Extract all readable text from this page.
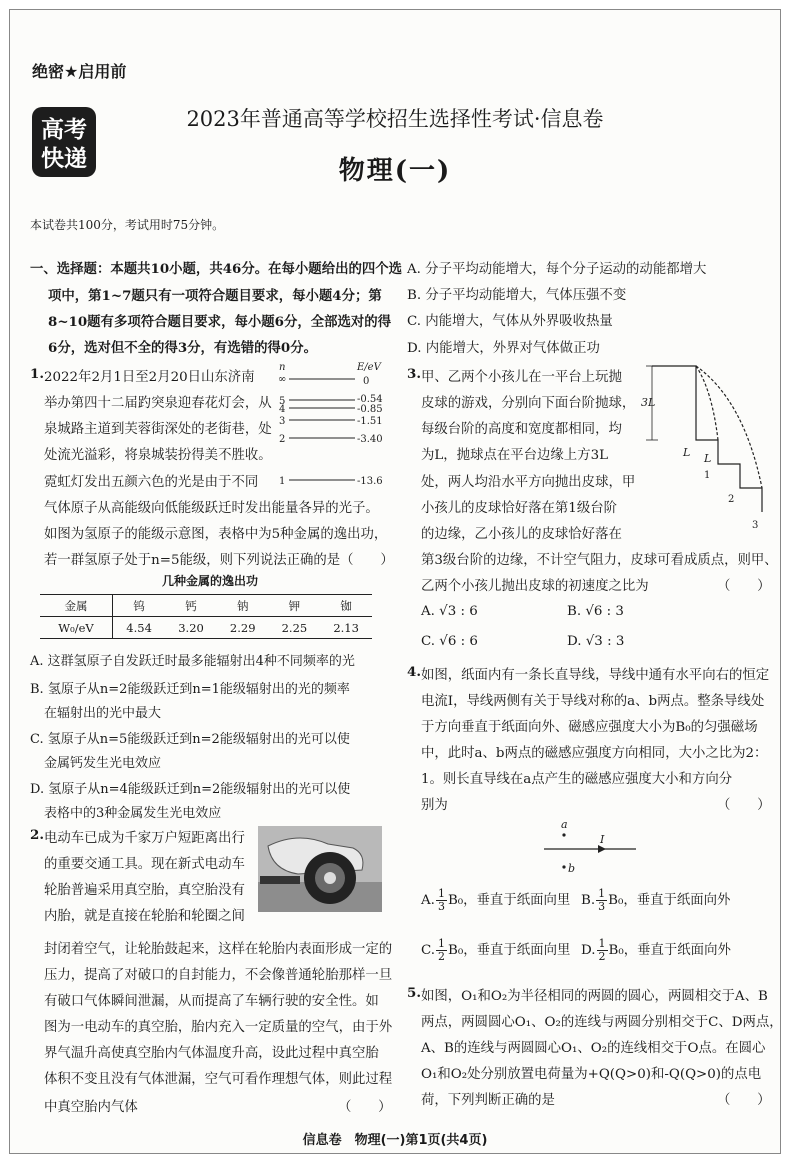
绝密★启用前
高考
快递
2023年普通高等学校招生选择性考试·信息卷
物理(一)
本试卷共100分，考试用时75分钟。
一、选择题：本题共10小题，共46分。在每小题给出的四个选
项中，第1~7题只有一项符合题目要求，每小题4分；第
8~10题有多项符合题目要求，每小题6分，全部选对的得
6分，选对但不全的得3分，有选错的得0分。
1. 2022年2月1日至2月20日山东济南
举办第四十二届趵突泉迎春花灯会，从
泉城路主道到芙蓉街深处的老街巷，处
处流光溢彩，将泉城装扮得美不胜收。
霓虹灯发出五颜六色的光是由于不同
气体原子从高能级向低能级跃迁时发出能量各异的光子。
如图为氢原子的能级示意图，表格中为5种金属的逸出功，
若一群氢原子处于n=5能级，则下列说法正确的是（　　）
n	E/eV
∞	0
5	-0.54
4	-0.85
3	-1.51
2	-3.40
1	-13.6
几种金属的逸出功
金属	钨	钙	钠	钾	铷
W₀/eV	4.54	3.20	2.29	2.25	2.13
A. 这群氢原子自发跃迁时最多能辐射出4种不同频率的光
B. 氢原子从n=2能级跃迁到n=1能级辐射出的光的频率
在辐射出的光中最大
C. 氢原子从n=5能级跃迁到n=2能级辐射出的光可以使
金属钙发生光电效应
D. 氢原子从n=4能级跃迁到n=2能级辐射出的光可以使
表格中的3种金属发生光电效应
2. 电动车已成为千家万户短距离出行
的重要交通工具。现在新式电动车
轮胎普遍采用真空胎，真空胎没有
内胎，就是直接在轮胎和轮圈之间
封闭着空气，让轮胎鼓起来，这样在轮胎内表面形成一定的
压力，提高了对破口的自封能力，不会像普通轮胎那样一旦
有破口气体瞬间泄漏，从而提高了车辆行驶的安全性。如
图为一电动车的真空胎，胎内充入一定质量的空气，由于外
界气温升高使真空胎内气体温度升高，设此过程中真空胎
体积不变且没有气体泄漏，空气可看作理想气体，则此过程
中真空胎内气体	（　　）
A. 分子平均动能增大，每个分子运动的动能都增大
B. 分子平均动能增大，气体压强不变
C. 内能增大，气体从外界吸收热量
D. 内能增大，外界对气体做正功
3. 甲、乙两个小孩儿在一平台上玩抛
皮球的游戏，分别向下面台阶抛球，
每级台阶的高度和宽度都相同，均
为L，抛球点在平台边缘上方3L
处，两人均沿水平方向抛出皮球，甲
小孩儿的皮球恰好落在第1级台阶
的边缘，乙小孩儿的皮球恰好落在
第3级台阶的边缘，不计空气阻力，皮球可看成质点，则甲、
乙两个小孩儿抛出皮球的初速度之比为	（　　）
A. √3 : 6	B. √6 : 3
C. √6 : 6	D. √3 : 3
4. 如图，纸面内有一条长直导线，导线中通有水平向右的恒定
电流I，导线两侧有关于导线对称的a、b两点。整条导线处
于方向垂直于纸面向外、磁感应强度大小为B₀的匀强磁场
中，此时a、b两点的磁感应强度方向相同，大小之比为2：
1。则长直导线在a点产生的磁感应强度大小和方向分
别为	（　　）
3L
L L
1
2
3
a
b
I
A. $\frac{1}{3} B_0$，垂直于纸面向里 B. $\frac{1}{3} B_0$，垂直于纸面向外
C. $\frac{1}{2} B_0$，垂直于纸面向里 D. $\frac{1}{2} B_0$，垂直于纸面向外
5. 如图，O₁和O₂为半径相同的两圆的圆心，两圆相交于A、B
两点，两圆圆心O₁、O₂的连线与两圆分别相交于C、D两点，
A、B的连线与两圆圆心O₁、O₂的连线相交于O点。在圆心
O₁和O₂处分别放置电荷量为+Q(Q>0)和-Q(Q>0)的点电
荷，下列判断正确的是	（　　）
信息卷　物理(一)第1页(共4页)
